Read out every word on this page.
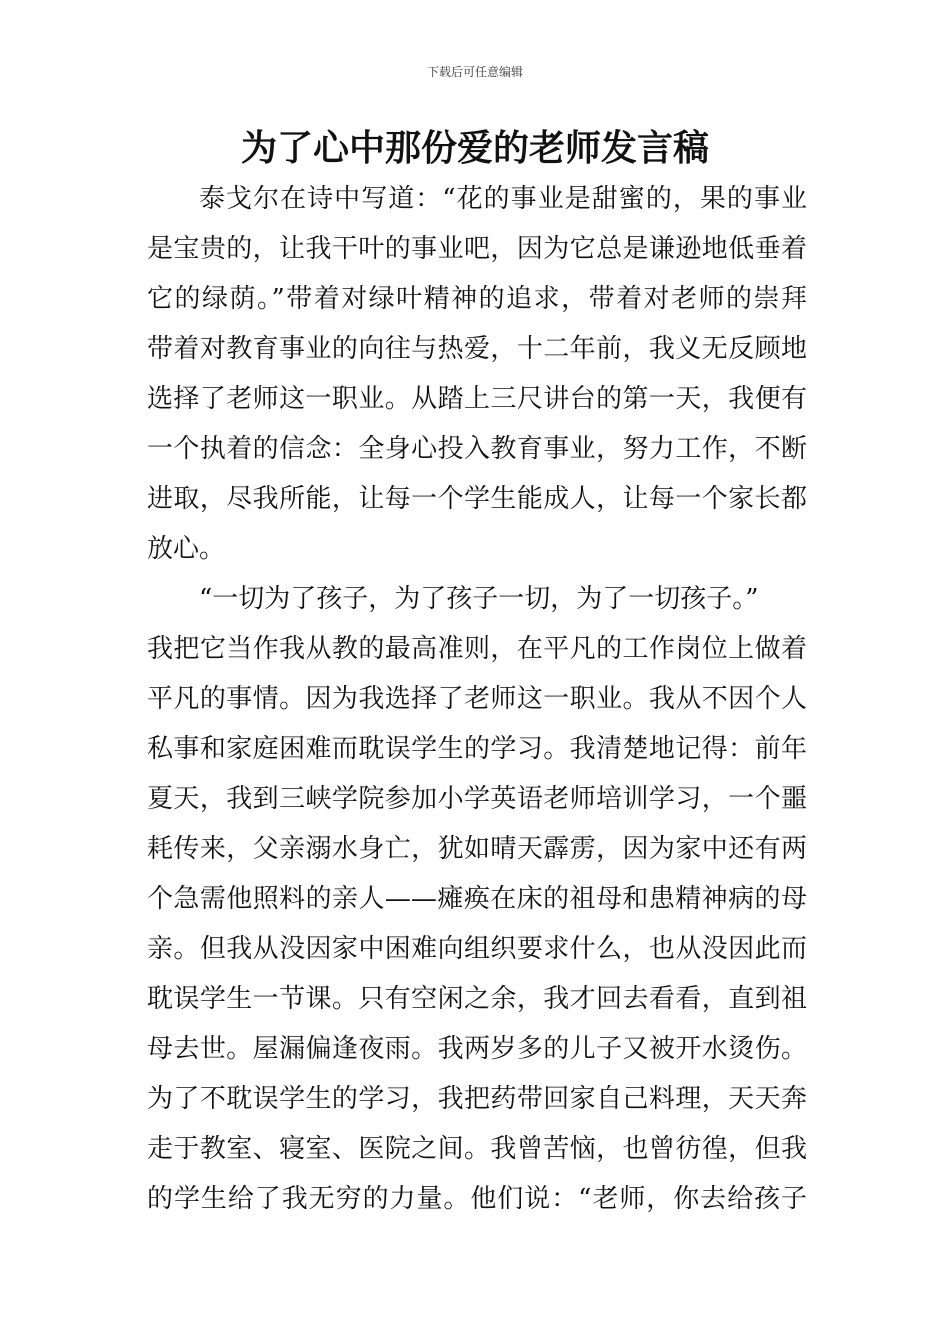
下载后可任意编辑
为了心中那份爱的老师发言稿
泰戈尔在诗中写道：“花的事业是甜蜜的，果的事业
是宝贵的，让我干叶的事业吧，因为它总是谦逊地低垂着
它的绿荫。”带着对绿叶精神的追求，带着对老师的崇拜
带着对教育事业的向往与热爱，十二年前，我义无反顾地
选择了老师这一职业。从踏上三尺讲台的第一天，我便有
一个执着的信念：全身心投入教育事业，努力工作，不断
进取，尽我所能，让每一个学生能成人，让每一个家长都
放心。
“一切为了孩子，为了孩子一切，为了一切孩子。”
我把它当作我从教的最高准则，在平凡的工作岗位上做着
平凡的事情。因为我选择了老师这一职业。我从不因个人
私事和家庭困难而耽误学生的学习。我清楚地记得：前年
夏天，我到三峡学院参加小学英语老师培训学习，一个噩
耗传来，父亲溺水身亡，犹如晴天霹雳，因为家中还有两
个急需他照料的亲人——瘫痪在床的祖母和患精神病的母
亲。但我从没因家中困难向组织要求什么，也从没因此而
耽误学生一节课。只有空闲之余，我才回去看看，直到祖
母去世。屋漏偏逢夜雨。我两岁多的儿子又被开水烫伤。
为了不耽误学生的学习，我把药带回家自己料理，天天奔
走于教室、寝室、医院之间。我曾苦恼，也曾彷徨，但我
的学生给了我无穷的力量。他们说：“老师，你去给孩子
